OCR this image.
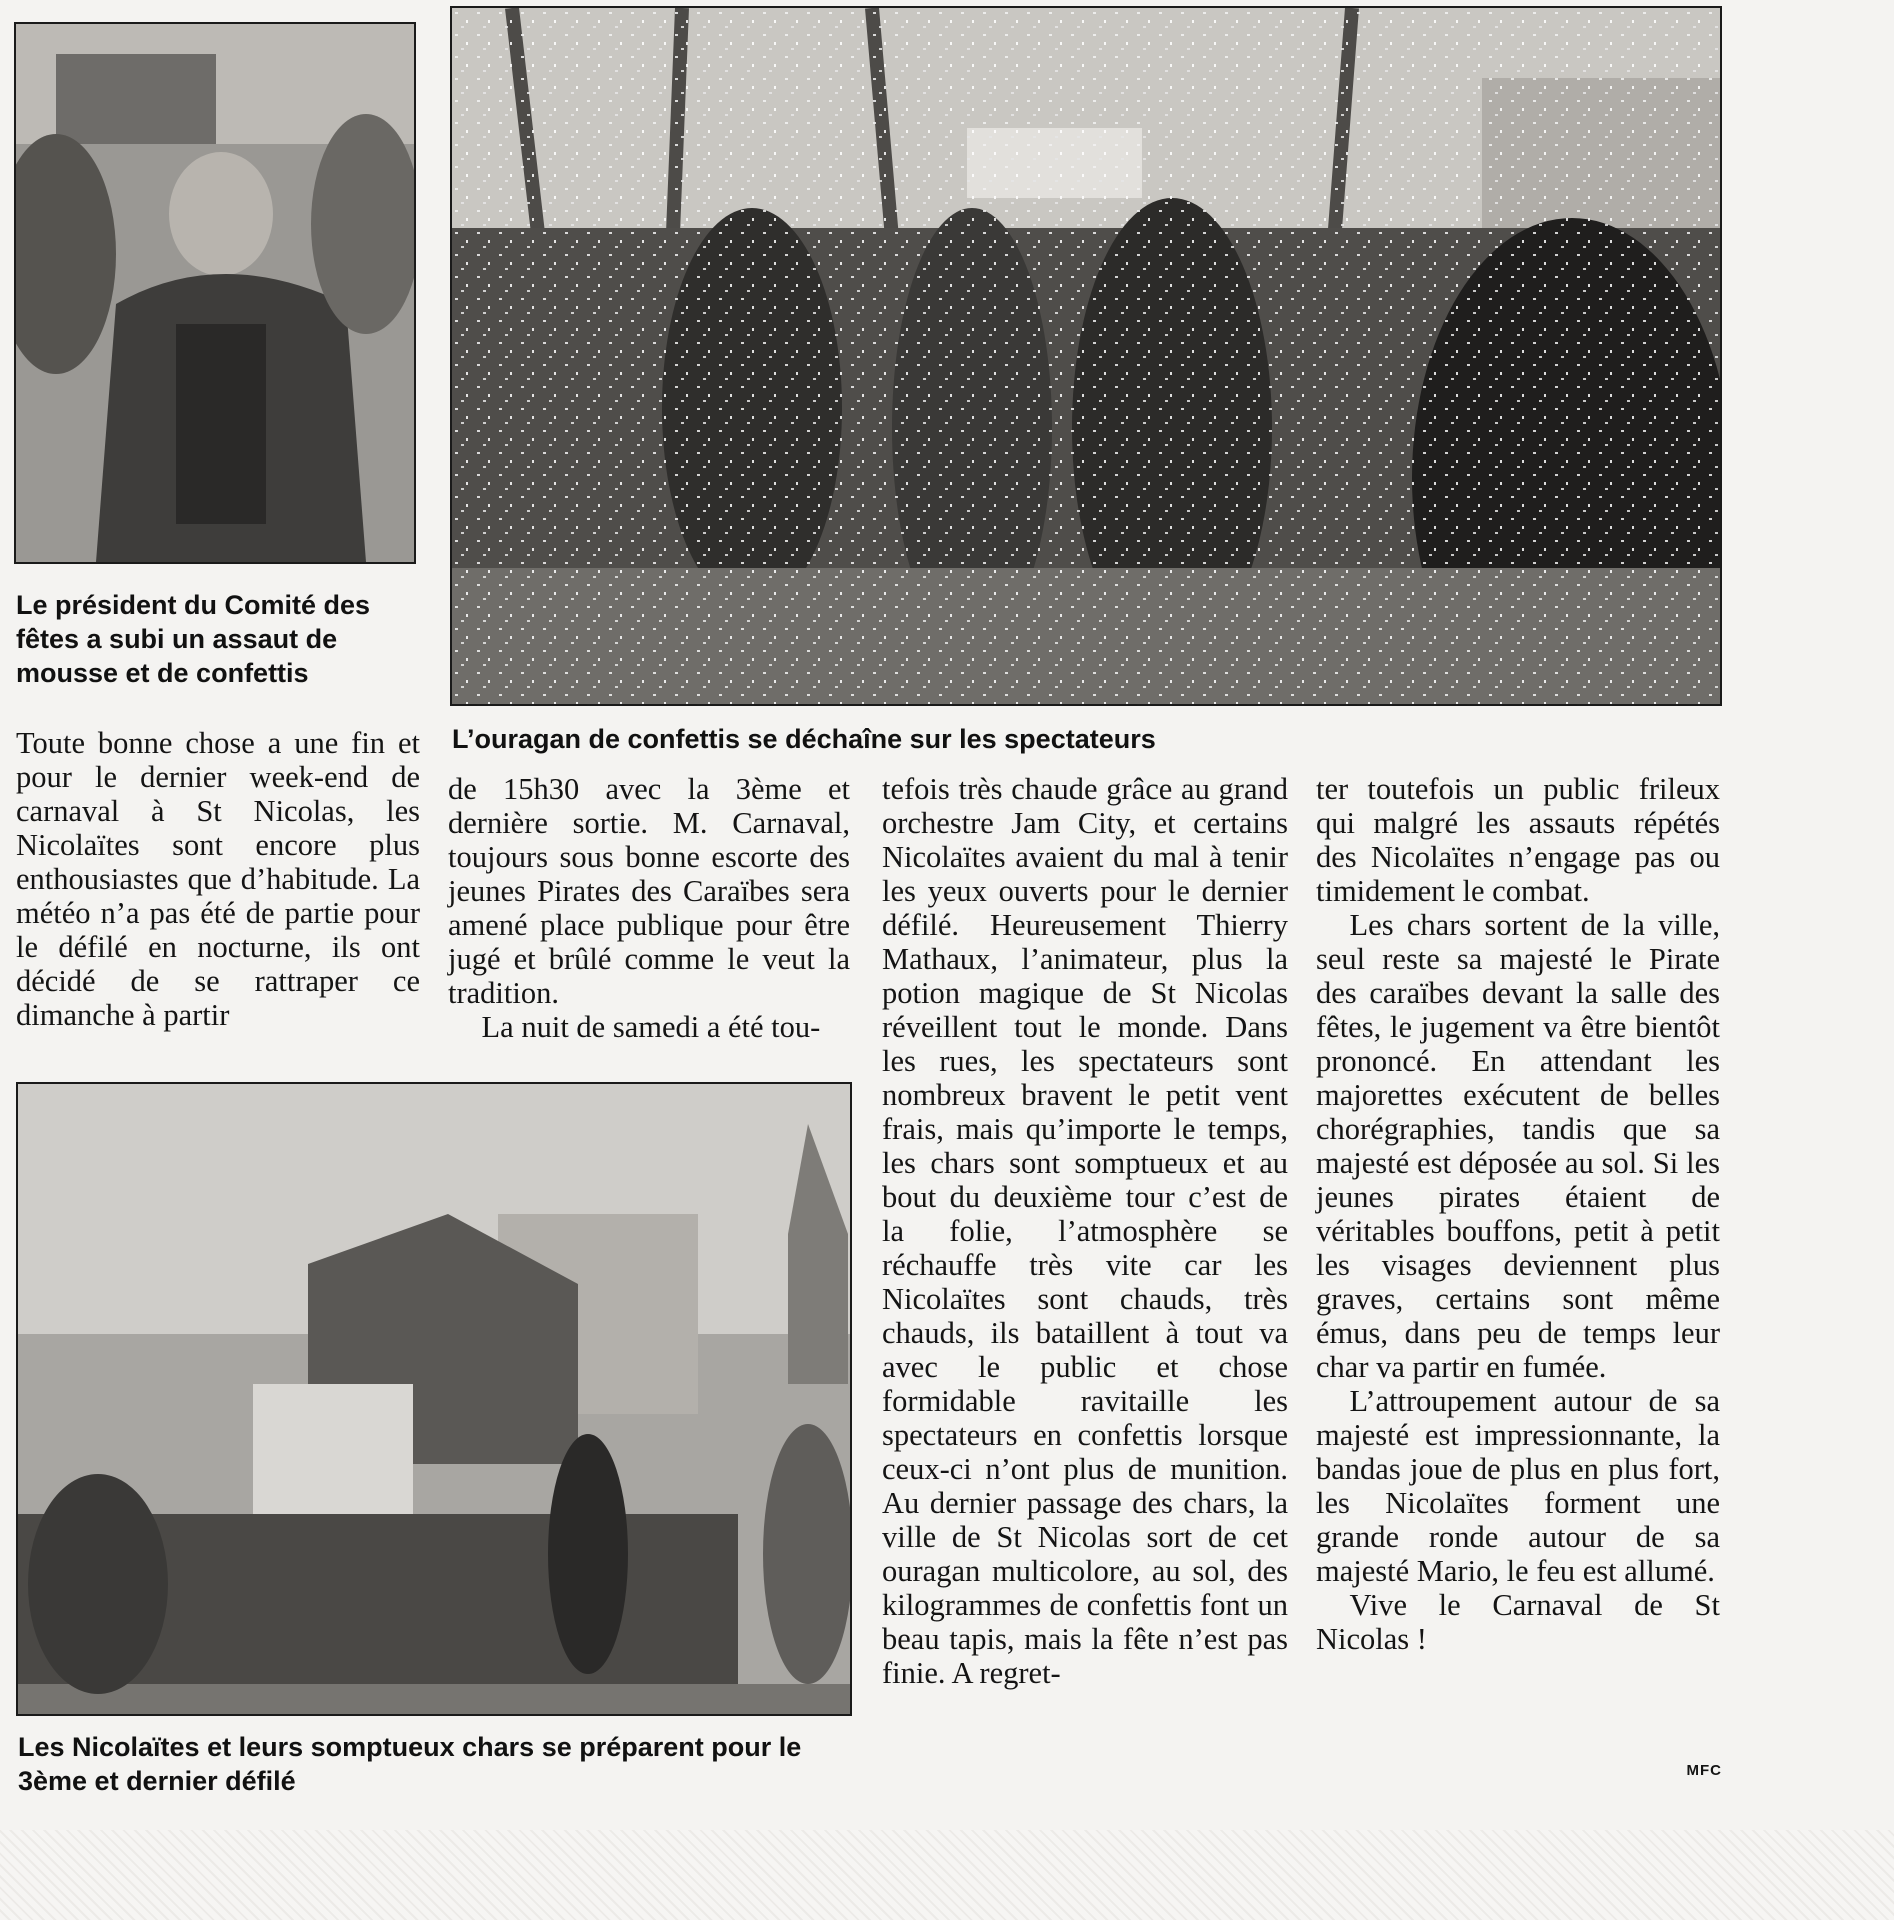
Le président du Comité des fêtes a subi un assaut de mousse et de confettis

L’ouragan de confettis se déchaîne sur les spectateurs

Les Nicolaïtes et leurs somptueux chars se préparent pour le 3ème et dernier défilé

Toute bonne chose a une fin et pour le dernier week-end de carnaval à St Nicolas, les Nicolaïtes sont encore plus enthousiastes que d’habitude. La météo n’a pas été de partie pour le défilé en nocturne, ils ont décidé de se rattraper ce dimanche à partir

de 15h30 avec la 3ème et dernière sortie. M. Carnaval, toujours sous bonne escorte des jeunes Pirates des Caraïbes sera amené place publique pour être jugé et brûlé comme le veut la tradition.

La nuit de samedi a été tou-

tefois très chaude grâce au grand orchestre Jam City, et certains Nicolaïtes avaient du mal à tenir les yeux ouverts pour le dernier défilé. Heureusement Thierry Mathaux, l’animateur, plus la potion magique de St Nicolas réveillent tout le monde. Dans les rues, les spectateurs sont nombreux bravent le petit vent frais, mais qu’importe le temps, les chars sont somptueux et au bout du deuxième tour c’est de la folie, l’atmosphère se réchauffe très vite car les Nicolaïtes sont chauds, très chauds, ils bataillent à tout va avec le public et chose formidable ravitaille les spectateurs en confettis lorsque ceux-ci n’ont plus de munition. Au dernier passage des chars, la ville de St Nicolas sort de cet ouragan multicolore, au sol, des kilogrammes de confettis font un beau tapis, mais la fête n’est pas finie. A regret-

ter toutefois un public frileux qui malgré les assauts répétés des Nicolaïtes n’engage pas ou timidement le combat.

Les chars sortent de la ville, seul reste sa majesté le Pirate des caraïbes devant la salle des fêtes, le jugement va être bientôt prononcé. En attendant les majorettes exécutent de belles chorégraphies, tandis que sa majesté est déposée au sol. Si les jeunes pirates étaient de véritables bouffons, petit à petit les visages deviennent plus graves, certains sont même émus, dans peu de temps leur char va partir en fumée.

L’attroupement autour de sa majesté est impressionnante, la bandas joue de plus en plus fort, les Nicolaïtes forment une grande ronde autour de sa majesté Mario, le feu est allumé.

Vive le Carnaval de St Nicolas !

MFC
